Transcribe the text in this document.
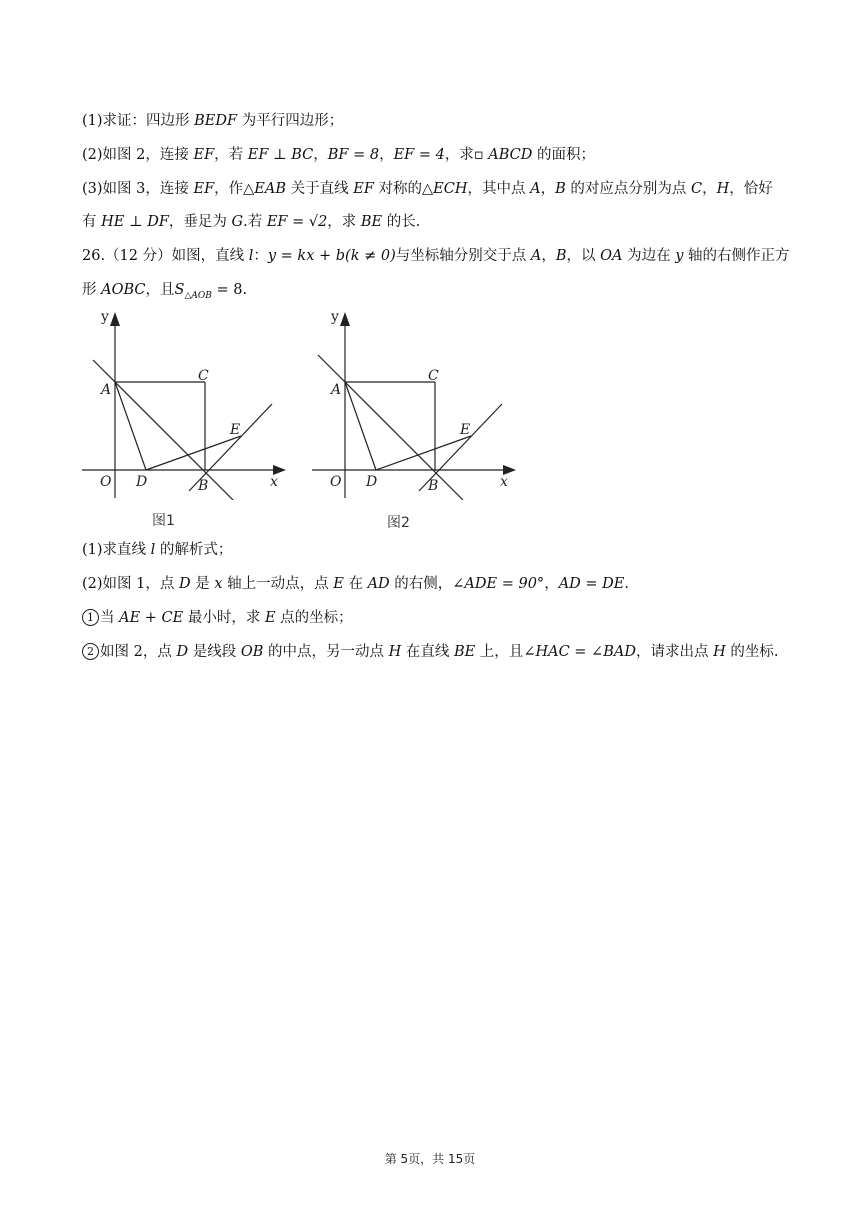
(1)求证：四边形 BEDF 为平行四边形；
(2)如图 2，连接 EF，若 EF ⊥ BC，BF = 8，EF = 4，求▫ ABCD 的面积；
(3)如图 3，连接 EF，作△EAB 关于直线 EF 对称的△ECH，其中点 A，B 的对应点分别为点 C，H，恰好
有 HE ⊥ DF，垂足为 G.若 EF = √2，求 BE 的长.
26.（12 分）如图，直线 l：y = kx + b(k ≠ 0)与坐标轴分别交于点 A，B，以 OA 为边在 y 轴的右侧作正方
形 AOBC，且$S_{\triangle AOB} = 8$.
y
O
A
C
D	B
E
x
图1
y
O
A
C
D	B
E
x
图2
(1)求直线 l 的解析式；
(2)如图 1，点 D 是 x 轴上一动点，点 E 在 AD 的右侧，∠ADE = 90°，AD = DE.
1 当 AE + CE 最小时，求 E 点的坐标；
2 如图 2，点 D 是线段 OB 的中点，另一动点 H 在直线 BE 上，且∠HAC = ∠BAD，请求出点 H 的坐标.
第 5页，共 15页
